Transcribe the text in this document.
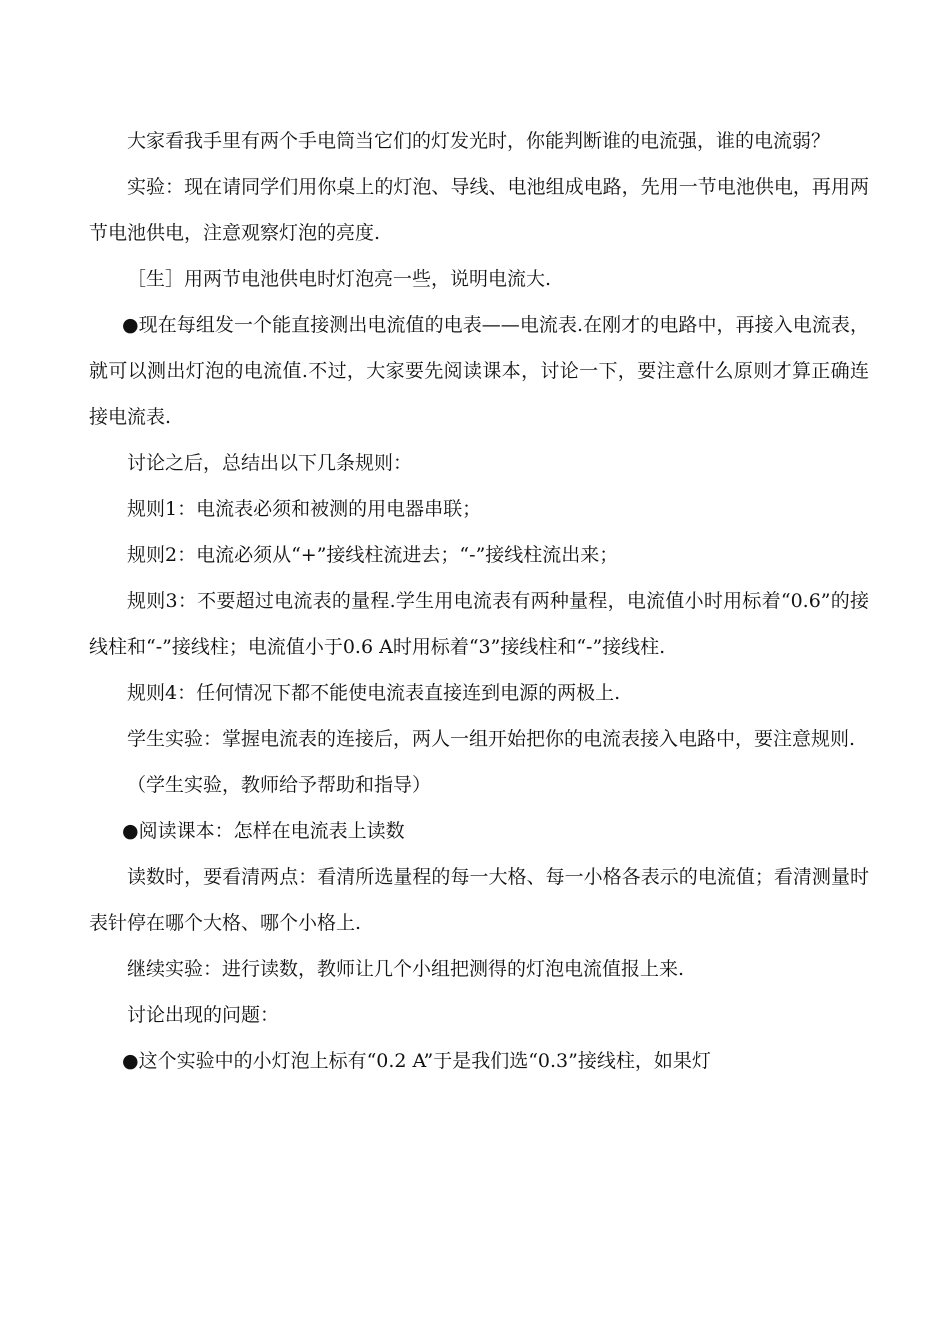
大家看我手里有两个手电筒当它们的灯发光时，你能判断谁的电流强，谁的电流弱？

实验：现在请同学们用你桌上的灯泡、导线、电池组成电路，先用一节电池供电，再用两节电池供电，注意观察灯泡的亮度.

［生］用两节电池供电时灯泡亮一些，说明电流大.

●现在每组发一个能直接测出电流值的电表——电流表.在刚才的电路中，再接入电流表，就可以测出灯泡的电流值.不过，大家要先阅读课本，讨论一下，要注意什么原则才算正确连接电流表.

讨论之后，总结出以下几条规则：

规则1：电流表必须和被测的用电器串联；

规则2：电流必须从“+”接线柱流进去；“-”接线柱流出来；

规则3：不要超过电流表的量程.学生用电流表有两种量程，电流值小时用标着“0.6”的接线柱和“-”接线柱；电流值小于0.6 A时用标着“3”接线柱和“-”接线柱.

规则4：任何情况下都不能使电流表直接连到电源的两极上.

学生实验：掌握电流表的连接后，两人一组开始把你的电流表接入电路中，要注意规则.

（学生实验，教师给予帮助和指导）

●阅读课本：怎样在电流表上读数

读数时，要看清两点：看清所选量程的每一大格、每一小格各表示的电流值；看清测量时表针停在哪个大格、哪个小格上.

继续实验：进行读数，教师让几个小组把测得的灯泡电流值报上来.

讨论出现的问题：

●这个实验中的小灯泡上标有“0.2 A”于是我们选“0.3”接线柱，如果灯
